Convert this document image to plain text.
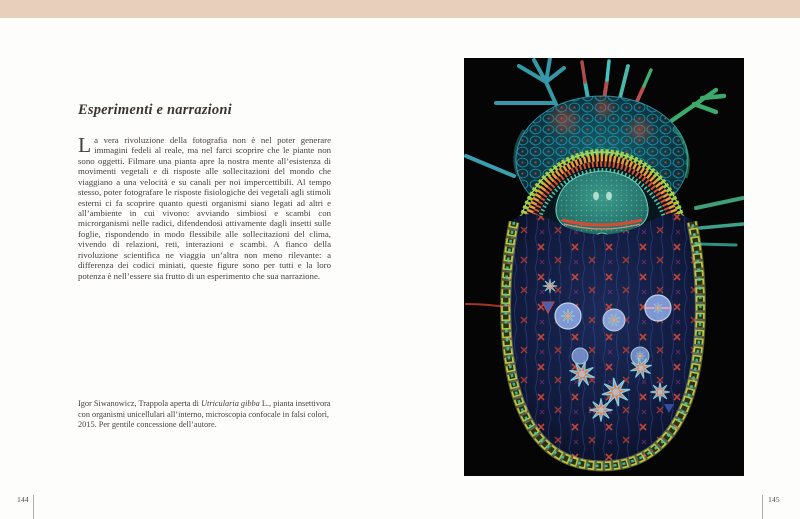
Esperimenti e narrazioni

La vera rivoluzione della fotografia non è nel poter generare immagini fedeli al reale, ma nel farci scoprire che le piante non sono oggetti. Filmare una pianta apre la nostra mente all’esistenza di movimenti vegetali e di risposte alle sollecitazioni del mondo che viaggiano a una velocità e su canali per noi impercettibili. Al tempo stesso, poter fotografare le risposte fisiologiche dei vegetali agli stimoli esterni ci fa scoprire quanto questi organismi siano legati ad altri e all’ambiente in cui vivono: avviando simbiosi e scambi con microrganismi nelle radici, difendendosi attivamente dagli insetti sulle foglie, rispondendo in modo flessibile alle sollecitazioni del clima, vivendo di relazioni, reti, interazioni e scambi. A fianco della rivoluzione scientifica ne viaggia un’altra non meno rilevante: a differenza dei codici miniati, queste figure sono per tutti e la loro potenza è nell’essere sia frutto di un esperimento che sua narrazione.

Igor Siwanowicz, Trappola aperta di Utricularia gibba L., pianta insettivora con organismi unicellulari all’interno, microscopia confocale in falsi colori, 2015. Per gentile concessione dell’autore.

144	145
